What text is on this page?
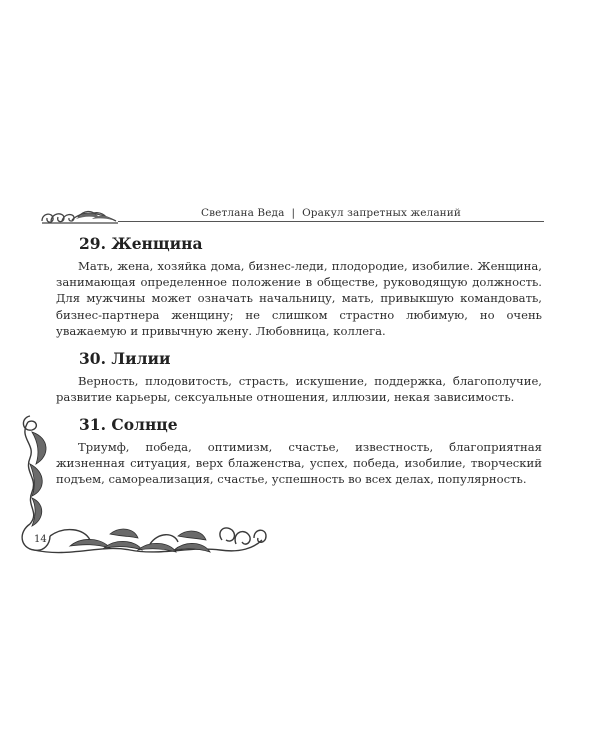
Светлана Веда | Оракул запретных желаний
29. Женщина

Мать, жена, хозяйка дома, бизнес-леди, плодородие, изобилие. Женщина, занимающая определенное положение в обществе, руководящую должность. Для мужчины может означать начальницу, мать, привыкшую командовать, бизнес-партнера женщину; не слишком страстно любимую, но очень уважаемую и привычную жену. Любовница, коллега.

30. Лилии

Верность, плодовитость, страсть, искушение, поддержка, благополучие, развитие карьеры, сексуальные отношения, иллюзии, некая зависимость.

31. Солнце

Триумф, победа, оптимизм, счастье, известность, благоприятная жизненная ситуация, верх блаженства, успех, победа, изобилие, творческий подъем, самореализация, счастье, успешность во всех делах, популярность.

14
